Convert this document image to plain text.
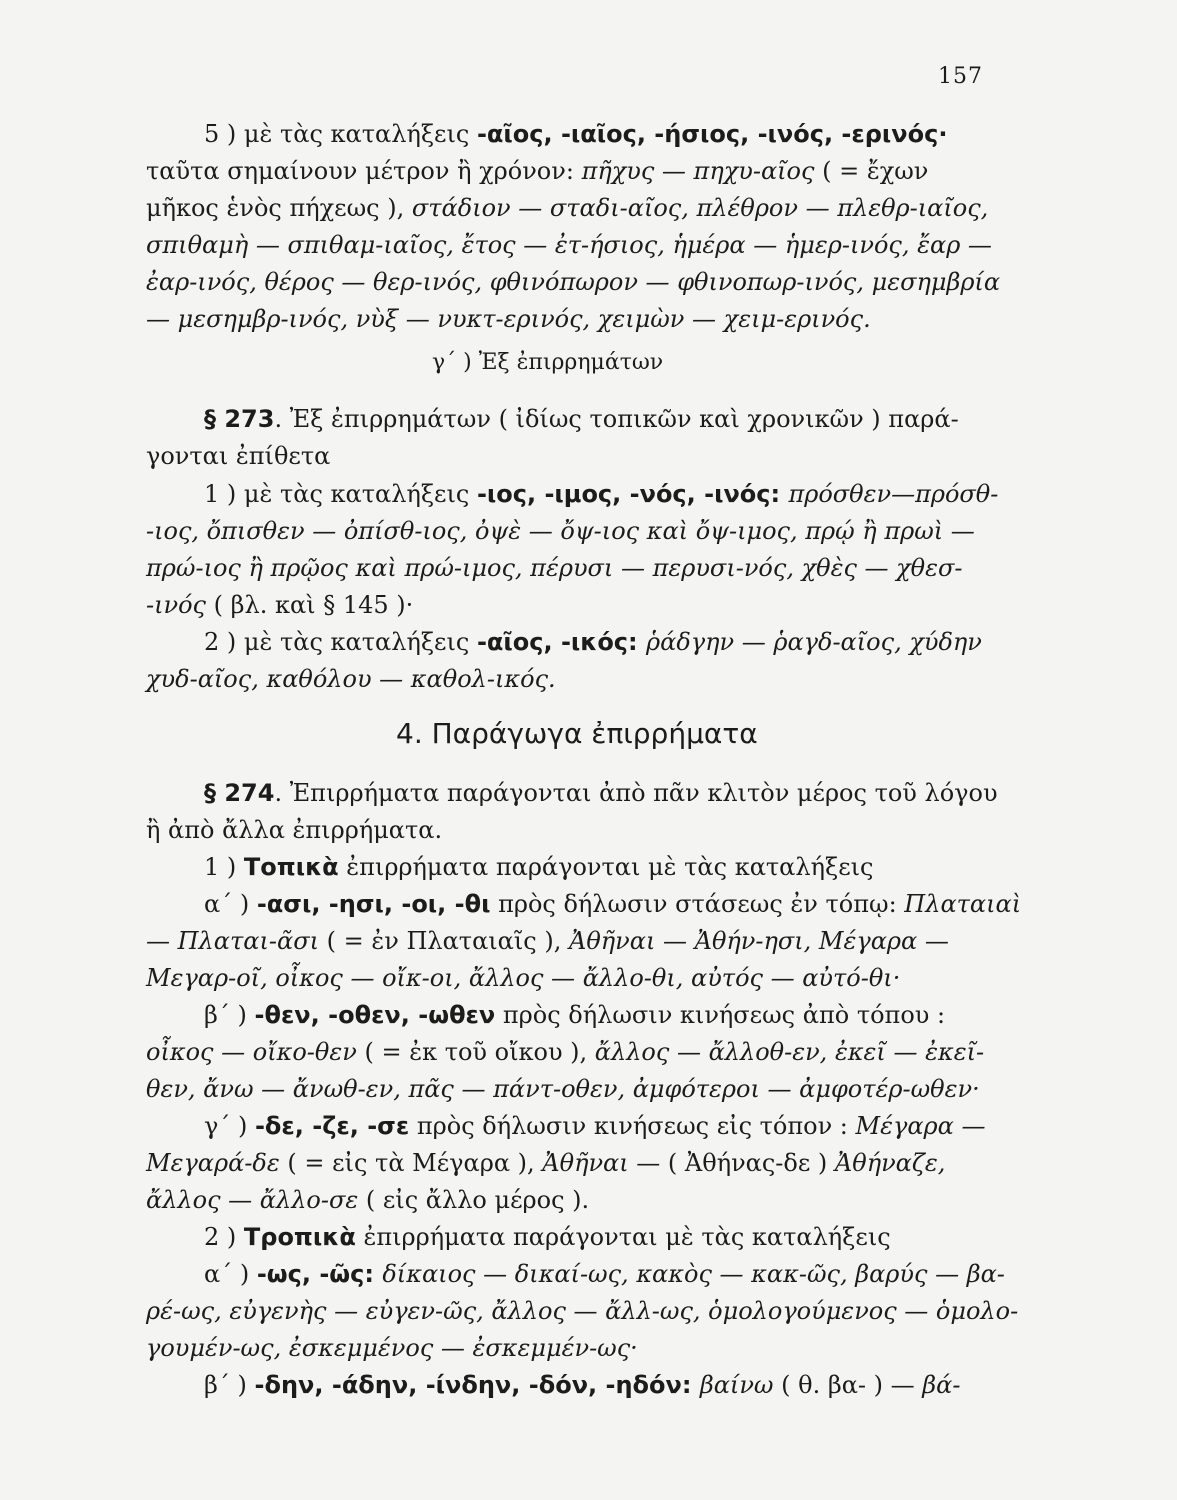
157
5 ) μὲ τὰς καταλήξεις -αῖος, -ιαῖος, -ήσιος, -ινός, -ερινός·
ταῦτα σημαίνουν μέτρον ἢ χρόνον: πῆχυς — πηχυ-αῖος ( = ἔχων
μῆκος ἑνὸς πήχεως ), στάδιον — σταδι-αῖος, πλέθρον — πλεθρ-ιαῖος,
σπιθαμὴ — σπιθαμ-ιαῖος, ἔτος — ἐτ-ήσιος, ἡμέρα — ἡμερ-ινός, ἔαρ —
ἐαρ-ινός, θέρος — θερ-ινός, φθινόπωρον — φθινοπωρ-ινός, μεσημβρία
— μεσημβρ-ινός, νὺξ — νυκτ-ερινός, χειμὼν — χειμ-ερινός.
γ΄ ) Ἐξ ἐπιρρημάτων
§ 273. Ἐξ ἐπιρρημάτων ( ἰδίως τοπικῶν καὶ χρονικῶν ) παρά-
γονται ἐπίθετα
1 ) μὲ τὰς καταλήξεις -ιος, -ιμος, -νός, -ινός: πρόσθεν—πρόσθ-
-ιος, ὄπισθεν — ὀπίσθ-ιος, ὀψὲ — ὄψ-ιος καὶ ὄψ-ιμος, πρῴ ἢ πρωὶ —
πρώ-ιος ἢ πρῷος καὶ πρώ-ιμος, πέρυσι — περυσι-νός, χθὲς — χθεσ-
-ινός ( βλ. καὶ § 145 )·
2 ) μὲ τὰς καταλήξεις -αῖος, -ικός: ῥάδγην — ῥαγδ-αῖος, χύδην
χυδ-αῖος, καθόλου — καθολ-ικός.
4. Παράγωγα ἐπιρρήματα
§ 274. Ἐπιρρήματα παράγονται ἀπὸ πᾶν κλιτὸν μέρος τοῦ λόγου
ἢ ἀπὸ ἄλλα ἐπιρρήματα.
1 ) Τοπικὰ ἐπιρρήματα παράγονται μὲ τὰς καταλήξεις
α΄ ) -ασι, -ησι, -οι, -θι πρὸς δήλωσιν στάσεως ἐν τόπῳ: Πλαταιαὶ
— Πλαται-ᾶσι ( = ἐν Πλαταιαῖς ), Ἀθῆναι — Ἀθήν-ησι, Μέγαρα —
Μεγαρ-οῖ, οἶκος — οἴκ-οι, ἄλλος — ἄλλο-θι, αὐτός — αὐτό-θι·
β΄ ) -θεν, -οθεν, -ωθεν πρὸς δήλωσιν κινήσεως ἀπὸ τόπου :
οἶκος — οἴκο-θεν ( = ἐκ τοῦ οἴκου ), ἄλλος — ἄλλοθ-εν, ἐκεῖ — ἐκεῖ-
θεν, ἄνω — ἄνωθ-εν, πᾶς — πάντ-οθεν, ἀμφότεροι — ἀμφοτέρ-ωθεν·
γ΄ ) -δε, -ζε, -σε πρὸς δήλωσιν κινήσεως εἰς τόπον : Μέγαρα —
Μεγαρά-δε ( = εἰς τὰ Μέγαρα ), Ἀθῆναι — ( Ἀθήνας-δε ) Ἀθήναζε,
ἄλλος — ἄλλο-σε ( εἰς ἄλλο μέρος ).
2 ) Τροπικὰ ἐπιρρήματα παράγονται μὲ τὰς καταλήξεις
α΄ ) -ως, -ῶς: δίκαιος — δικαί-ως, κακὸς — κακ-ῶς, βαρύς — βα-
ρέ-ως, εὐγενὴς — εὐγεν-ῶς, ἄλλος — ἄλλ-ως, ὁμολογούμενος — ὁμολο-
γουμέν-ως, ἐσκεμμένος — ἐσκεμμέν-ως·
β΄ ) -δην, -άδην, -ίνδην, -δόν, -ηδόν: βαίνω ( θ. βα- ) — βά-
